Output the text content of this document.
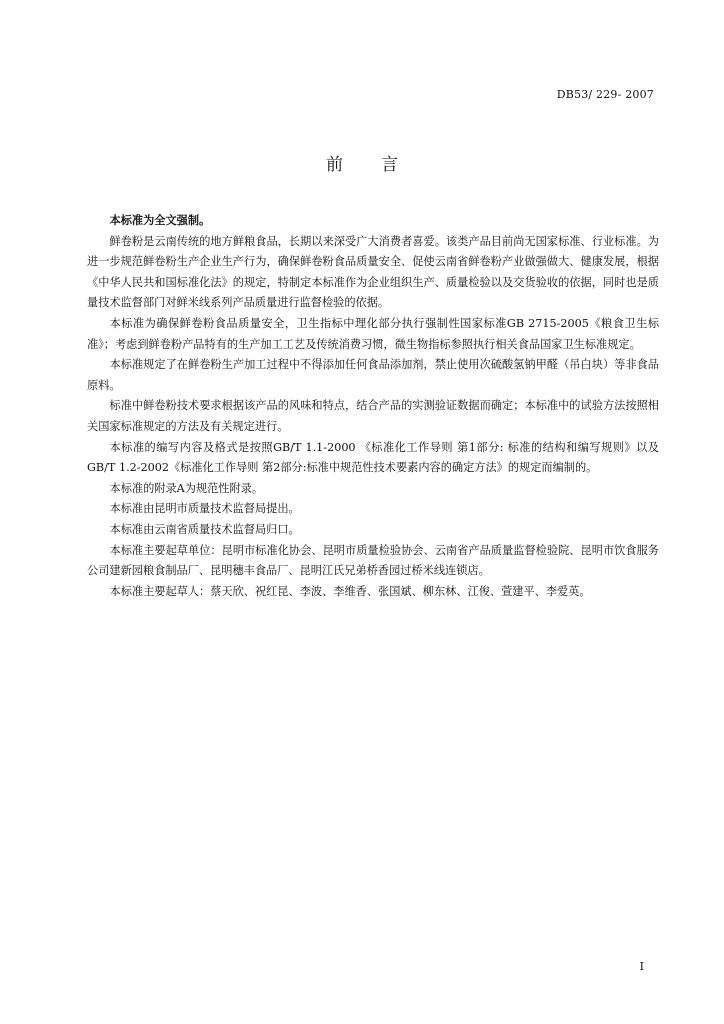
DB53/ 229- 2007
前言

本标准为全文强制。

鲜卷粉是云南传统的地方鲜粮食品，长期以来深受广大消费者喜爱。该类产品目前尚无国家标准、行业标准。为进一步规范鲜卷粉生产企业生产行为，确保鲜卷粉食品质量安全、促使云南省鲜卷粉产业做强做大、健康发展，根据《中华人民共和国标准化法》的规定，特制定本标准作为企业组织生产、质量检验以及交货验收的依据，同时也是质量技术监督部门对鲜米线系列产品质量进行监督检验的依据。

本标准为确保鲜卷粉食品质量安全，卫生指标中理化部分执行强制性国家标准GB 2715-2005《粮食卫生标准》；考虑到鲜卷粉产品特有的生产加工工艺及传统消费习惯，微生物指标参照执行相关食品国家卫生标准规定。

本标准规定了在鲜卷粉生产加工过程中不得添加任何食品添加剂，禁止使用次硫酸氢钠甲醛（吊白块）等非食品原料。

标准中鲜卷粉技术要求根据该产品的风味和特点，结合产品的实测验证数据而确定；本标准中的试验方法按照相关国家标准规定的方法及有关规定进行。

本标准的编写内容及格式是按照GB/T 1.1-2000 《标准化工作导则 第1部分: 标准的结构和编写规则》以及GB/T 1.2-2002《标准化工作导则 第2部分:标准中规范性技术要素内容的确定方法》的规定而编制的。

本标准的附录A为规范性附录。

本标准由昆明市质量技术监督局提出。

本标准由云南省质量技术监督局归口。

本标准主要起草单位：昆明市标准化协会、昆明市质量检验协会、云南省产品质量监督检验院、昆明市饮食服务公司建新园粮食制品厂、昆明穗丰食品厂、昆明江氏兄弟桥香园过桥米线连锁店。

本标准主要起草人：蔡天欣、祝红昆、李波、李维香、张国斌、柳东林、江俊、萱建平、李爱英。

I
